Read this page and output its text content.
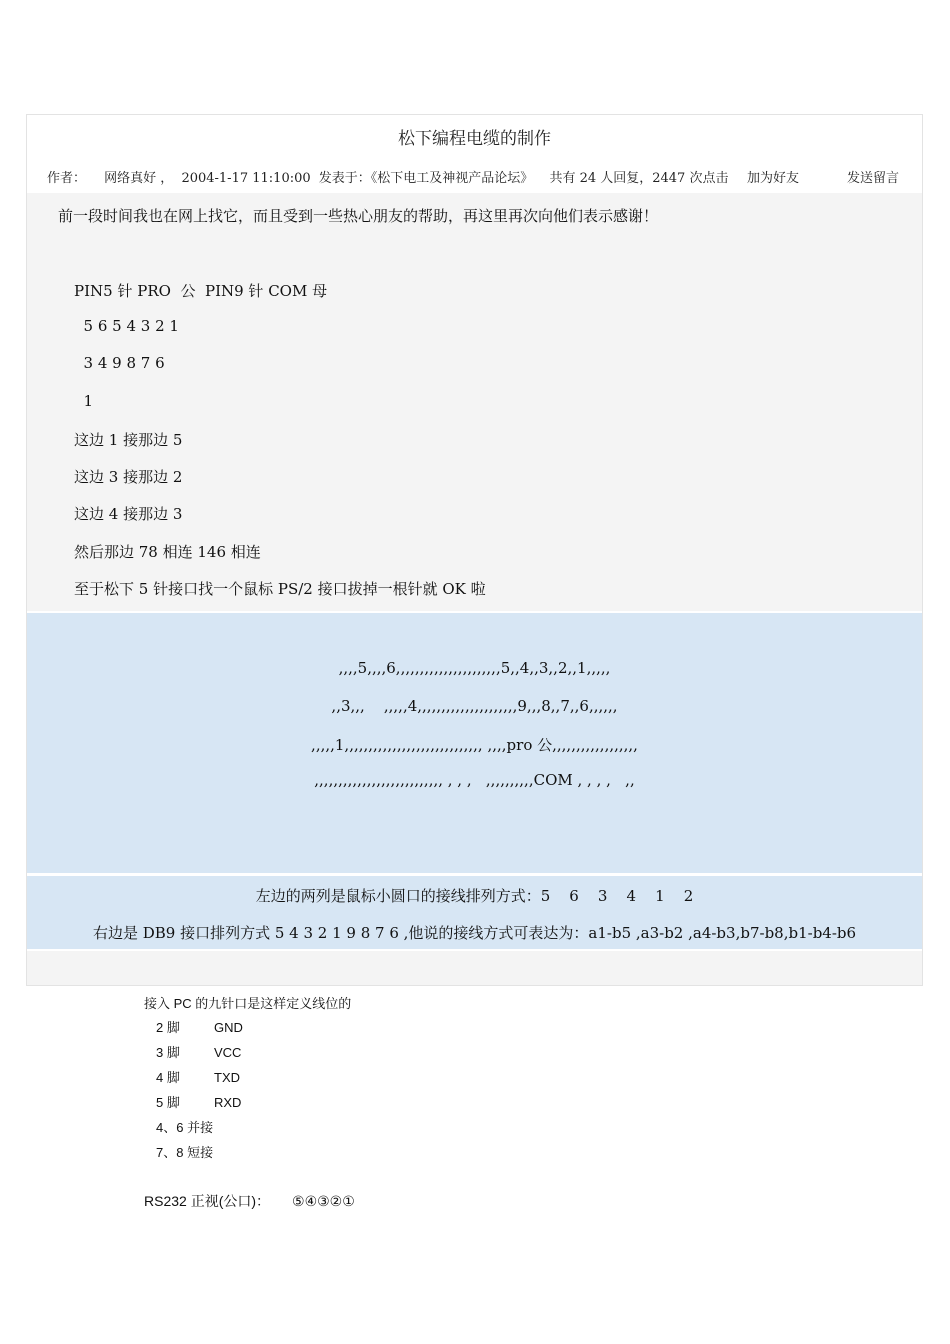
松下编程电缆的制作
作者： 网络真好 ， 2004-1-17 11:10:00 发表于：《松下电工及神视产品论坛》 共有 24 人回复，2447 次点击 加为好友	发送留言
前一段时间我也在网上找它，而且受到一些热心朋友的帮助，再这里再次向他们表示感谢！
PIN5 针 PRO  公  PIN9 针 COM 母
5 6 5 4 3 2 1
3 4 9 8 7 6
1
这边 1 接那边 5
这边 3 接那边 2
这边 4 接那边 3
然后那边 78 相连 146 相连
至于松下 5 针接口找一个鼠标 PS/2 接口拔掉一根针就 OK 啦
,,,,5,,,,6,,,,,,,,,,,,,,,,,,,,,,5,,4,,3,,2,,1,,,,,
,,3,,,    ,,,,,4,,,,,,,,,,,,,,,,,,,,,9,,,8,,7,,6,,,,,,
,,,,,1,,,,,,,,,,,,,,,,,,,,,,,,,,,,, ,,,,pro 公,,,,,,,,,,,,,,,,,,
,,,,,,,,,,,,,,,,,,,,,,,,,,, , , ,   ,,,,,,,,,,COM , , , ,   ,,
左边的两列是鼠标小圆口的接线排列方式：5    6    3    4    1    2
右边是 DB9 接口排列方式 5 4 3 2 1 9 8 7 6 ,他说的接线方式可表达为：a1-b5 ,a3-b2 ,a4-b3,b7-b8,b1-b4-b6
接入 PC 的九针口是这样定义线位的
2 脚	GND
3 脚	VCC
4 脚	TXD
5 脚	RXD
4、6 并接
7、8 短接
RS232 正视(公口)： ⑤④③②①
